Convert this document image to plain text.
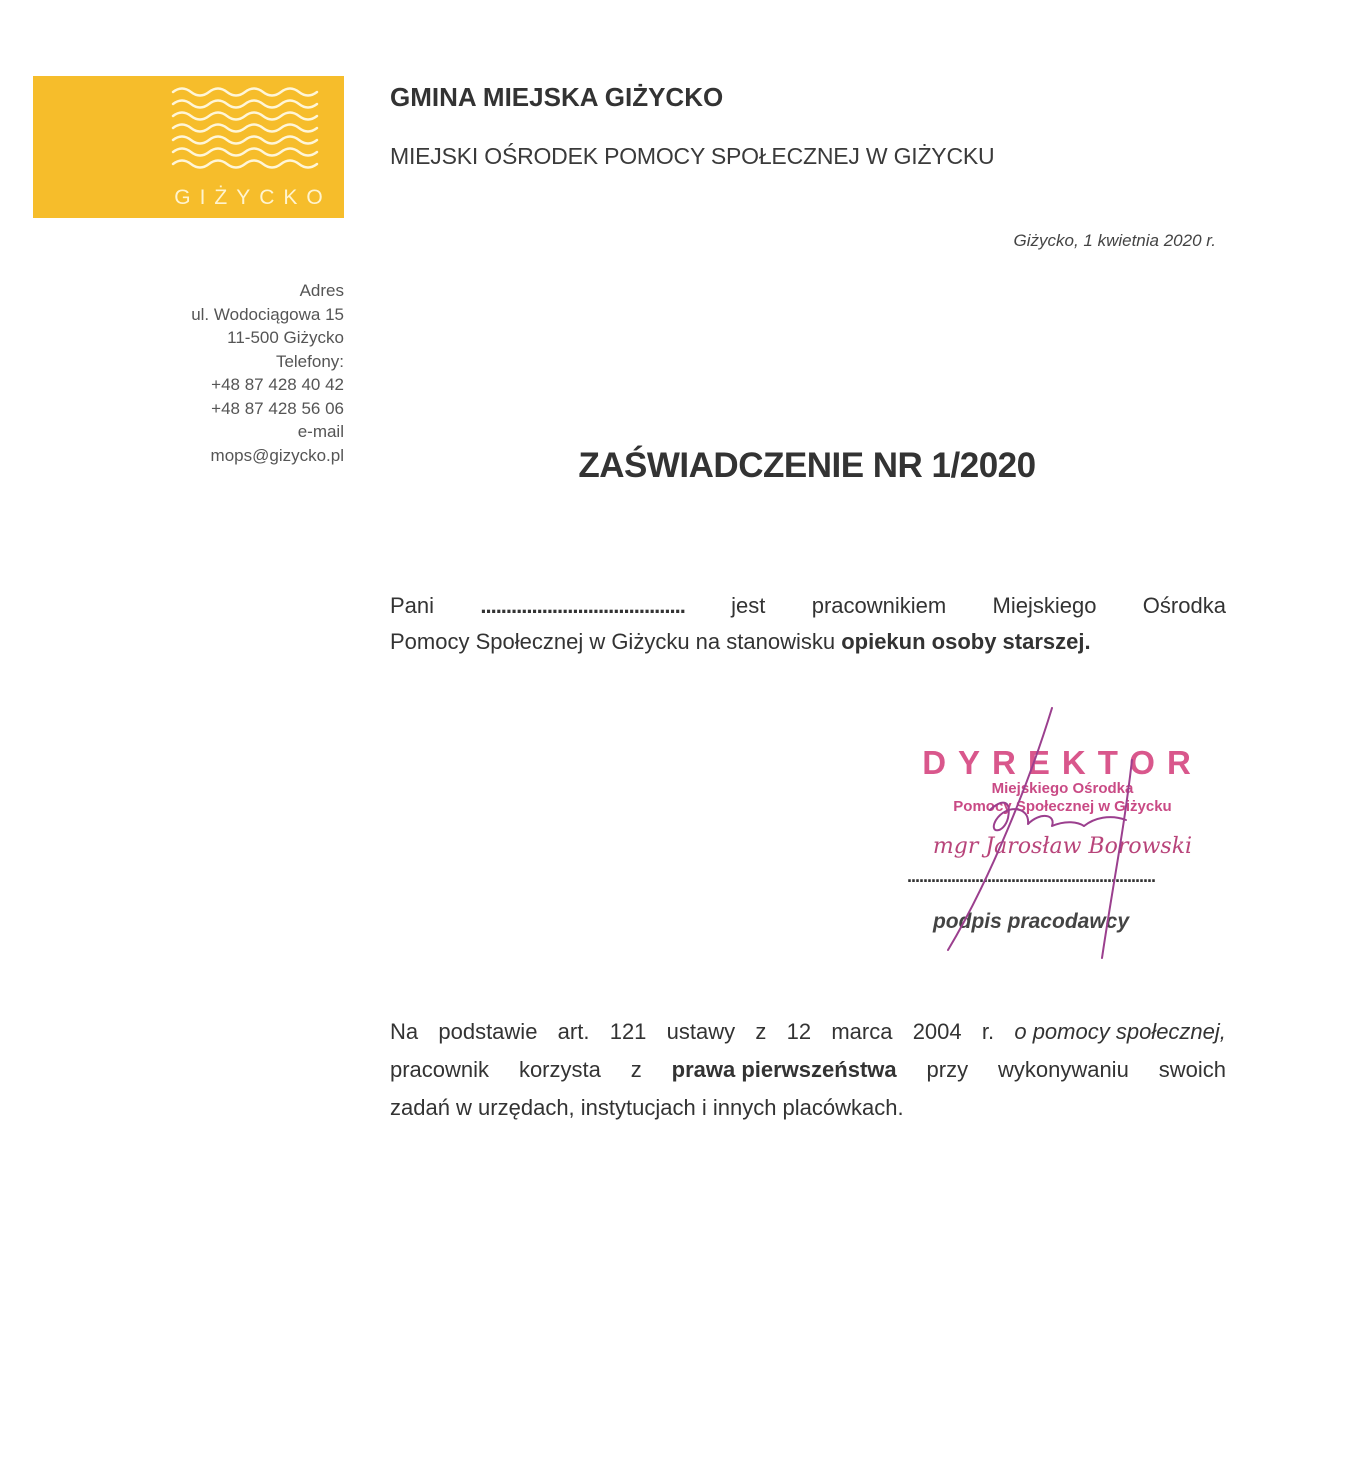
GIŻYCKO
GMINA MIEJSKA GIŻYCKO
MIEJSKI OŚRODEK POMOCY SPOŁECZNEJ W GIŻYCKU
Giżycko, 1 kwietnia 2020 r.
Adres
ul. Wodociągowa 15
11-500 Giżycko
Telefony:
+48 87 428 40 42
+48 87 428 56 06
e-mail
mops@gizycko.pl	ZAŚWIADCZENIE NR 1/2020
Pani ........................................ jest pracownikiem Miejskiego Ośrodka
Pomocy Społecznej w Giżycku na stanowisku opiekun osoby starszej.
DYREKTOR
Miejskiego Ośrodka
Pomocy Społecznej w Giżycku
mgr Jarosław Borowski
..............................................................
podpis pracodawcy
Na podstawie art. 121 ustawy z 12 marca 2004 r. o pomocy społecznej,
pracownik korzysta z prawa pierwszeństwa przy wykonywaniu swoich
zadań w urzędach, instytucjach i innych placówkach.
